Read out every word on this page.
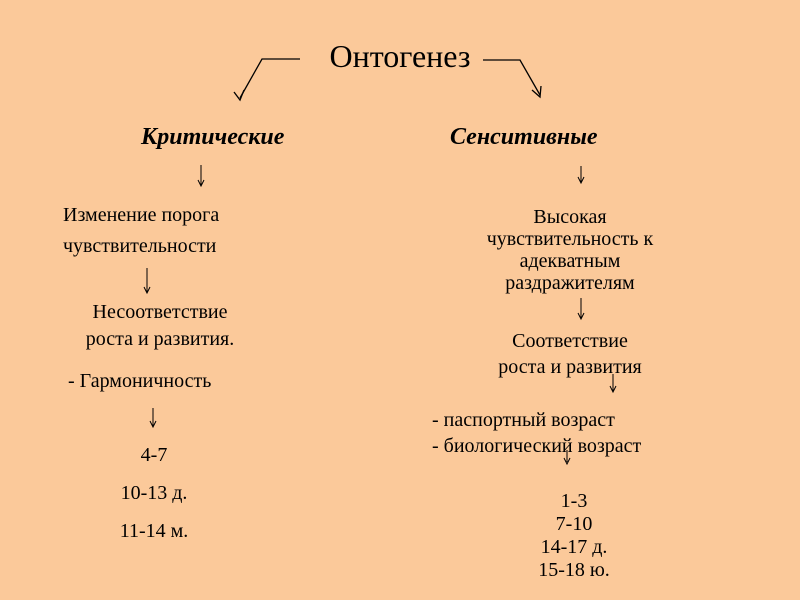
Онтогенез
Критические	Сенситивные
Изменение порога
чувствительности
Несоответствие
роста и развития.
- Гармоничность
4-7
10-13 д.
11-14 м.
Высокая
чувствительность к
адекватным
раздражителям
Соответствие
роста и развития
- паспортный возраст
- биологический возраст
1-3
7-10
14-17 д.
15-18 ю.
